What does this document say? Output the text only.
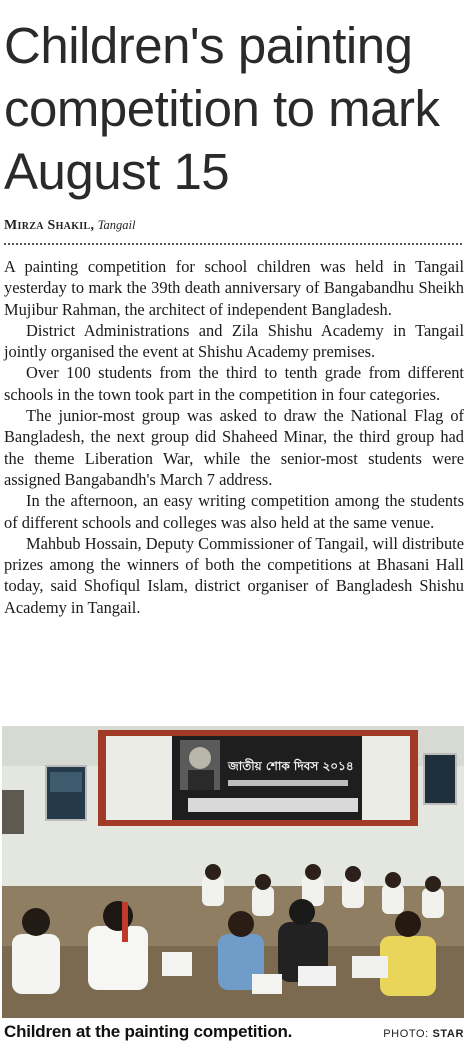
Children's painting competition to mark August 15
Mirza Shakil, Tangail

A painting competition for school children was held in Tangail yesterday to mark the 39th death anniversary of Bangabandhu Sheikh Mujibur Rahman, the architect of independent Bangladesh.

District Administrations and Zila Shishu Academy in Tangail jointly organised the event at Shishu Academy premises.

Over 100 students from the third to tenth grade from different schools in the town took part in the competition in four categories.

The junior-most group was asked to draw the National Flag of Bangladesh, the next group did Shaheed Minar, the third group had the theme Liberation War, while the senior-most students were assigned Bangabandh's March 7 address.

In the afternoon, an easy writing competition among the students of different schools and colleges was also held at the same venue.

Mahbub Hossain, Deputy Commissioner of Tangail, will distribute prizes among the winners of both the competitions at Bhasani Hall today, said Shofiqul Islam, district organiser of Bangladesh Shishu Academy in Tangail.

জাতীয় শোক দিবস ২০১৪
Children at the painting competition.	PHOTO: STAR
